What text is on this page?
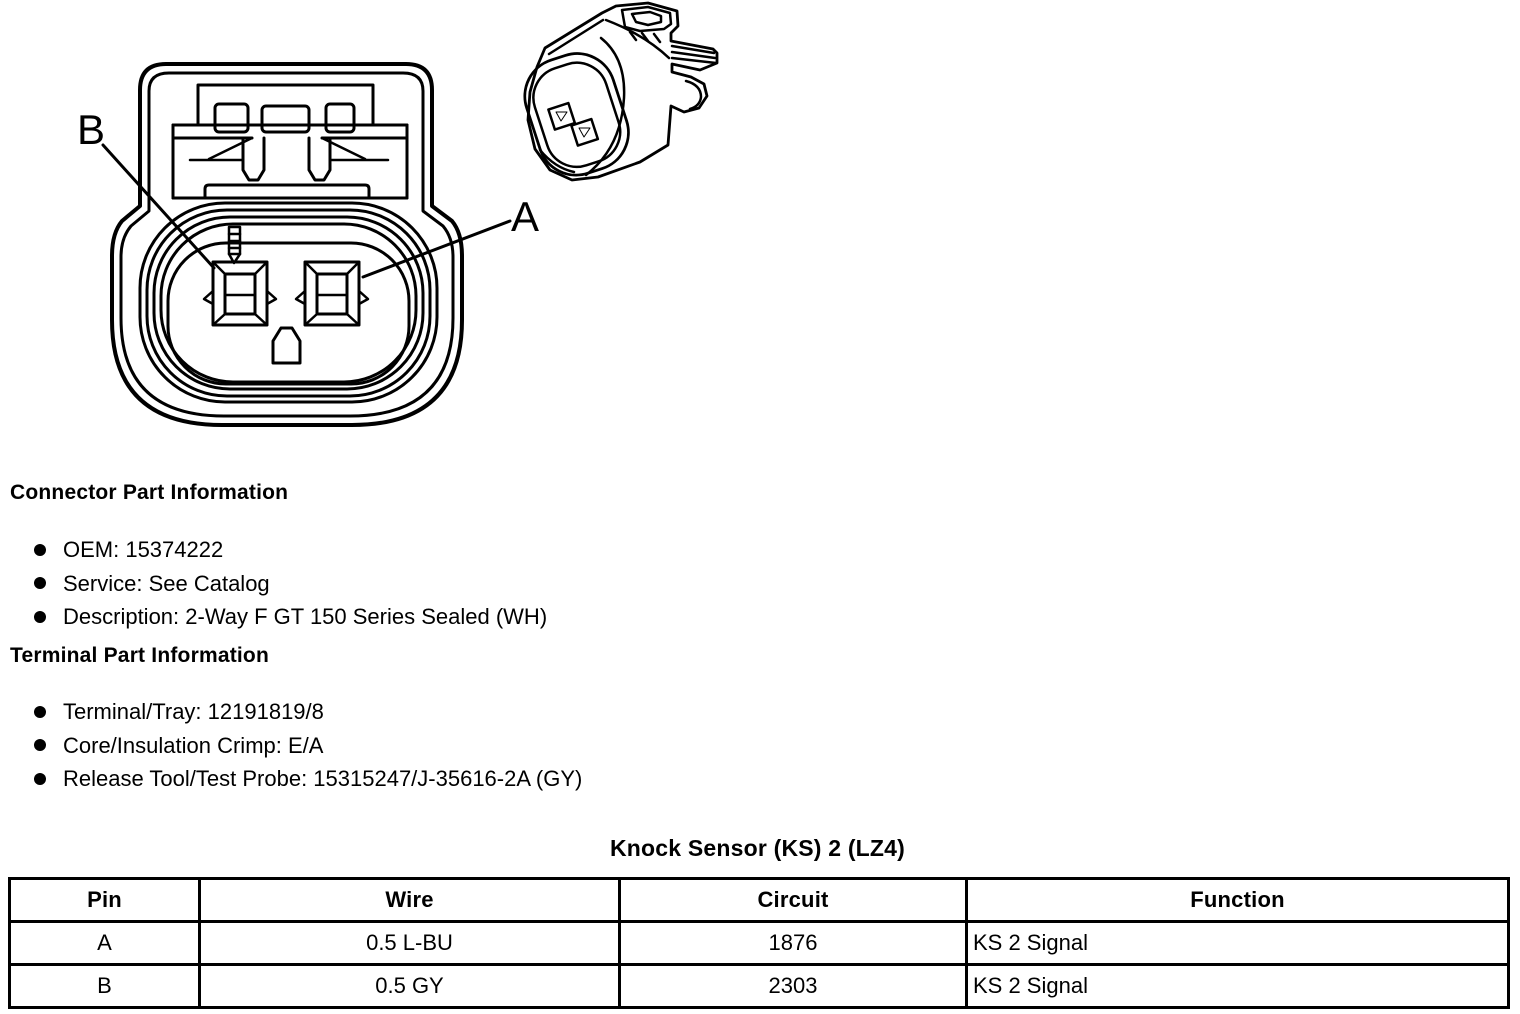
B
A
Connector Part Information
OEM: 15374222
Service: See Catalog
Description: 2-Way F GT 150 Series Sealed (WH)
Terminal Part Information
Terminal/Tray: 12191819/8
Core/Insulation Crimp: E/A
Release Tool/Test Probe: 15315247/J-35616-2A (GY)
Knock Sensor (KS) 2 (LZ4)
Pin	Wire	Circuit	Function
A	0.5 L-BU	1876	KS 2 Signal
B	0.5 GY	2303	KS 2 Signal
